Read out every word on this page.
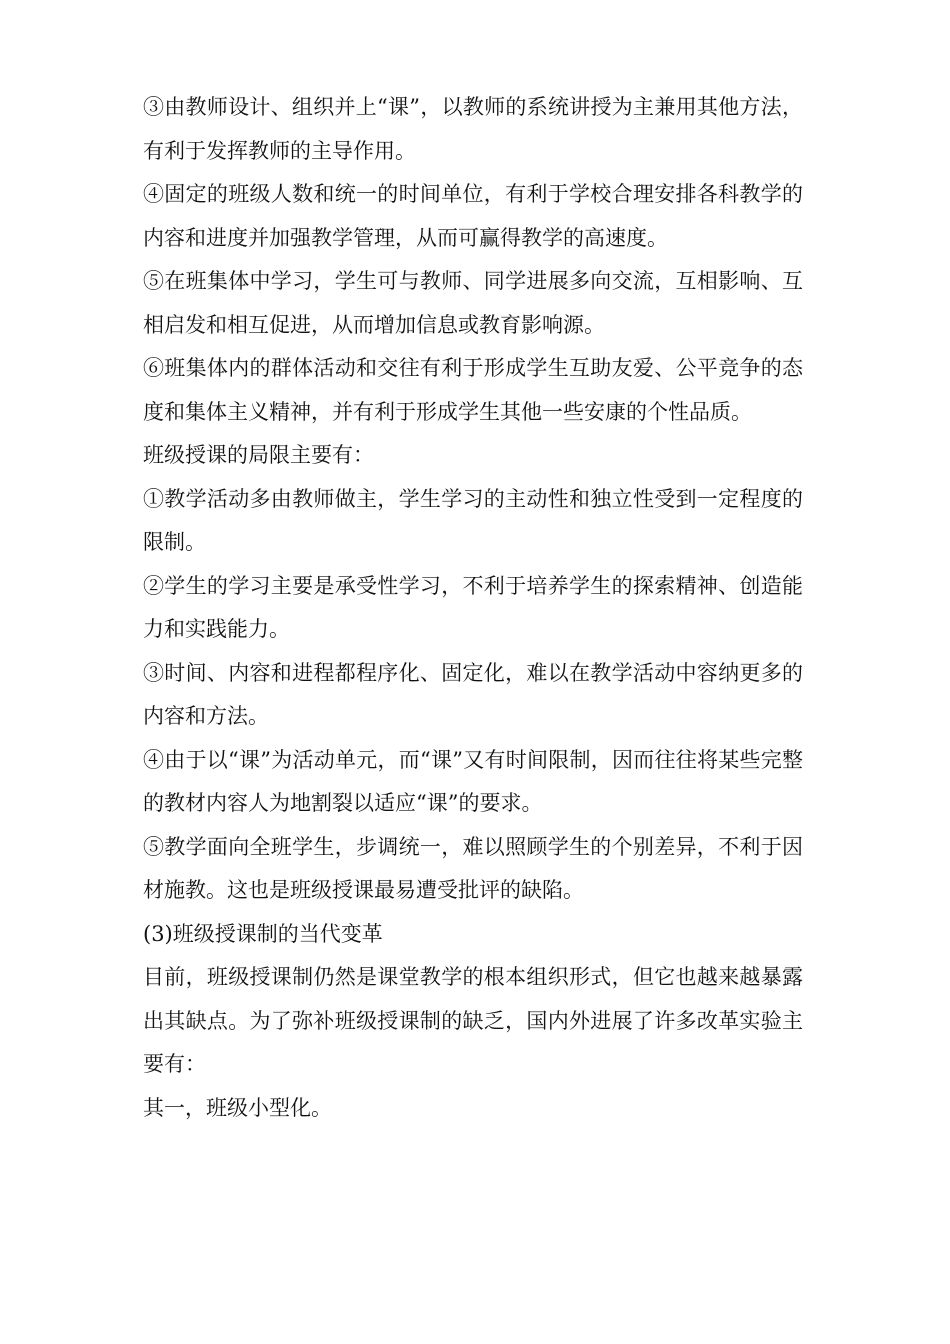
③由教师设计、组织并上“课”，以教师的系统讲授为主兼用其他方法，有利于发挥教师的主导作用。

④固定的班级人数和统一的时间单位，有利于学校合理安排各科教学的内容和进度并加强教学管理，从而可赢得教学的高速度。

⑤在班集体中学习，学生可与教师、同学进展多向交流，互相影响、互相启发和相互促进，从而增加信息或教育影响源。

⑥班集体内的群体活动和交往有利于形成学生互助友爱、公平竞争的态度和集体主义精神，并有利于形成学生其他一些安康的个性品质。

班级授课的局限主要有：

①教学活动多由教师做主，学生学习的主动性和独立性受到一定程度的限制。

②学生的学习主要是承受性学习，不利于培养学生的探索精神、创造能力和实践能力。

③时间、内容和进程都程序化、固定化，难以在教学活动中容纳更多的内容和方法。

④由于以“课”为活动单元，而“课”又有时间限制，因而往往将某些完整的教材内容人为地割裂以适应“课”的要求。

⑤教学面向全班学生，步调统一，难以照顾学生的个别差异，不利于因材施教。这也是班级授课最易遭受批评的缺陷。

(3)班级授课制的当代变革

目前，班级授课制仍然是课堂教学的根本组织形式，但它也越来越暴露出其缺点。为了弥补班级授课制的缺乏，国内外进展了许多改革实验主要有：

其一，班级小型化。
